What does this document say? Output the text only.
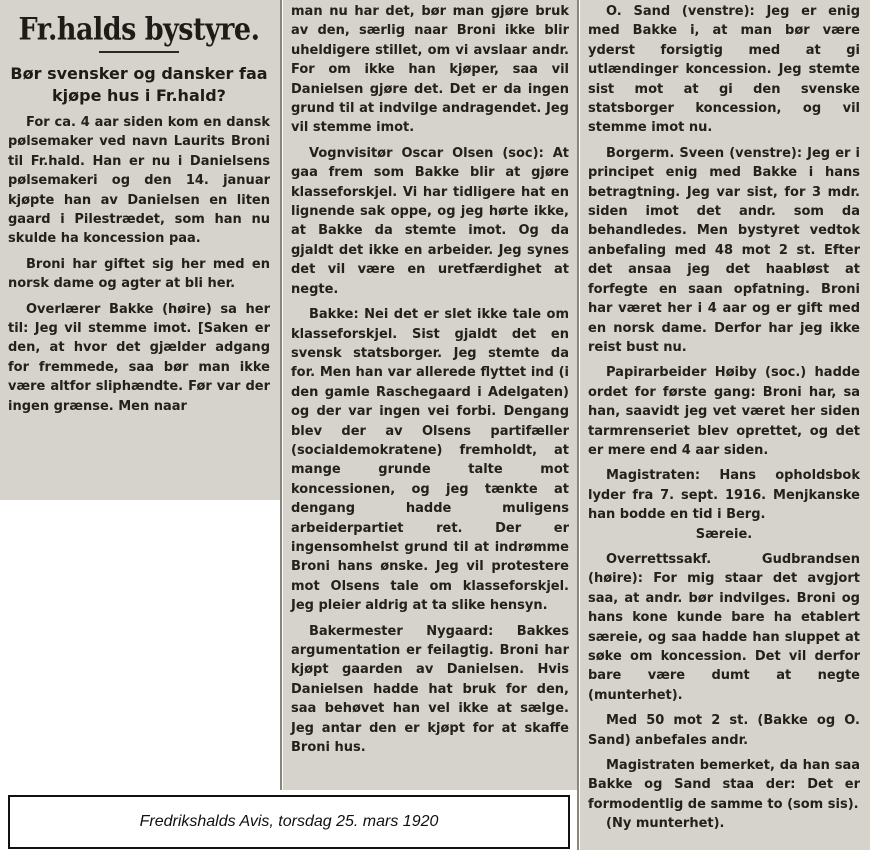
Fr.halds bystyre.
Bør svensker og dansker faa kjøpe hus i Fr.hald?

For ca. 4 aar siden kom en dansk pølsemaker ved navn Laurits Broni til Fr.hald. Han er nu i Danielsens pølsemakeri og den 14. januar kjøpte han av Danielsen en liten gaard i Pilestrædet, som han nu skulde ha koncession paa.

Broni har giftet sig her med en norsk dame og agter at bli her.

Overlærer Bakke (høire) sa her til: Jeg vil stemme imot. [Saken er den, at hvor det gjælder adgang for fremmede, saa bør man ikke være altfor sliphændte. Før var der ingen grænse. Men naar

man nu har det, bør man gjøre bruk av den, særlig naar Broni ikke blir uheldigere stillet, om vi avslaar andr. For om ikke han kjøper, saa vil Danielsen gjøre det. Det er da ingen grund til at indvilge andragendet. Jeg vil stemme imot.

Vognvisitør Oscar Olsen (soc): At gaa frem som Bakke blir at gjøre klasseforskjel. Vi har tidligere hat en lignende sak oppe, og jeg hørte ikke, at Bakke da stemte imot. Og da gjaldt det ikke en arbeider. Jeg synes det vil være en uretfærdighet at negte.

Bakke: Nei det er slet ikke tale om klasseforskjel. Sist gjaldt det en svensk statsborger. Jeg stemte da for. Men han var allerede flyttet ind (i den gamle Raschegaard i Adelgaten) og der var ingen vei forbi. Dengang blev der av Olsens partifæller (socialdemokratene) fremholdt, at mange grunde talte mot koncessionen, og jeg tænkte at dengang hadde muligens arbeiderpartiet ret. Der er ingensomhelst grund til at indrømme Broni hans ønske. Jeg vil protestere mot Olsens tale om klasseforskjel. Jeg pleier aldrig at ta slike hensyn.

Bakermester Nygaard: Bakkes argumentation er feilagtig. Broni har kjøpt gaarden av Danielsen. Hvis Danielsen hadde hat bruk for den, saa behøvet han vel ikke at sælge. Jeg antar den er kjøpt for at skaffe Broni hus.

O. Sand (venstre): Jeg er enig med Bakke i, at man bør være yderst forsigtig med at gi utlændinger koncession. Jeg stemte sist mot at gi den svenske statsborger koncession, og vil stemme imot nu.

Borgerm. Sveen (venstre): Jeg er i principet enig med Bakke i hans betragtning. Jeg var sist, for 3 mdr. siden imot det andr. som da behandledes. Men bystyret vedtok anbefaling med 48 mot 2 st. Efter det ansaa jeg det haabløst at forfegte en saan opfatning. Broni har været her i 4 aar og er gift med en norsk dame. Derfor har jeg ikke reist bust nu.

Papirarbeider Høiby (soc.) hadde ordet for første gang: Broni har, sa han, saavidt jeg vet været her siden tarmrenseriet blev oprettet, og det er mere end 4 aar siden.

Magistraten: Hans opholdsbok lyder fra 7. sept. 1916. Menjkanske han bodde en tid i Berg.

Særeie.

Overrettssakf. Gudbrandsen (høire): For mig staar det avgjort saa, at andr. bør indvilges. Broni og hans kone kunde bare ha etablert særeie, og saa hadde han sluppet at søke om koncession. Det vil derfor bare være dumt at negte (munterhet).

Med 50 mot 2 st. (Bakke og O. Sand) anbefales andr.

Magistraten bemerket, da han saa Bakke og Sand staa der: Det er formodentlig de samme to (som sis).

(Ny munterhet).

Fredrikshalds Avis, torsdag 25. mars 1920
